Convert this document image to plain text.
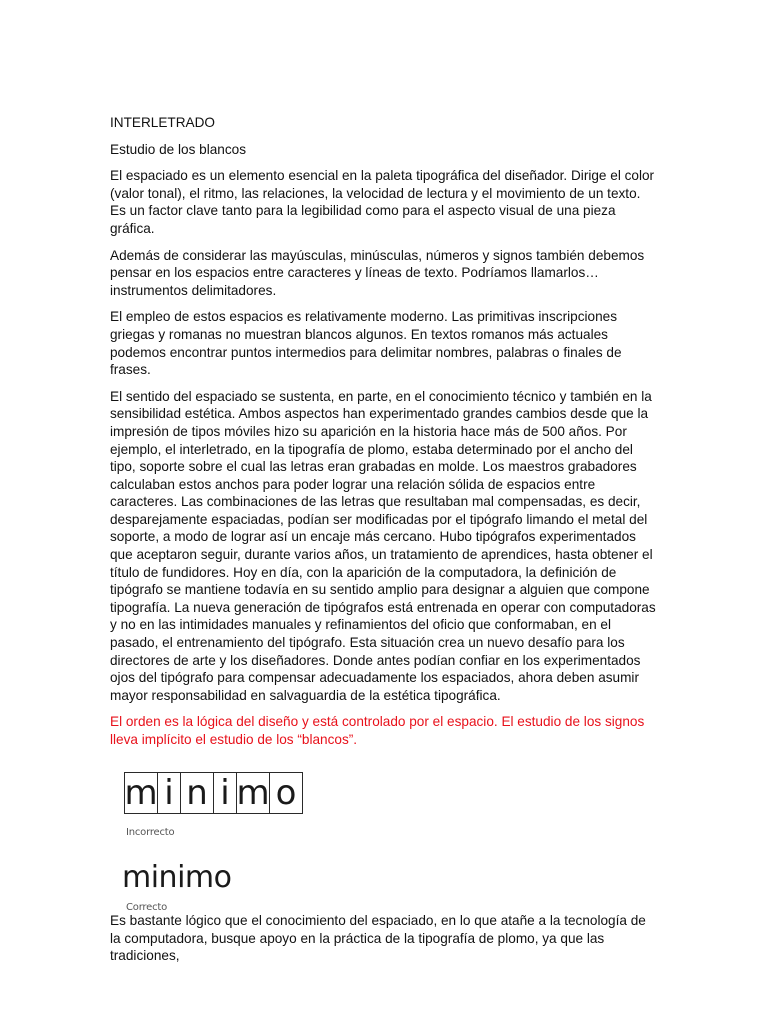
INTERLETRADO
Estudio de los blancos

El espaciado es un elemento esencial en la paleta tipográfica del diseñador. Dirige el color (valor tonal), el ritmo, las relaciones, la velocidad de lectura y el movimiento de un texto. Es un factor clave tanto para la legibilidad como para el aspecto visual de una pieza gráfica.

Además de considerar las mayúsculas, minúsculas, números y signos también debemos pensar en los espacios entre caracteres y líneas de texto. Podríamos llamarlos… instrumentos delimitadores.

El empleo de estos espacios es relativamente moderno. Las primitivas inscripciones griegas y romanas no muestran blancos algunos. En textos romanos más actuales podemos encontrar puntos intermedios para delimitar nombres, palabras o finales de frases.

El sentido del espaciado se sustenta, en parte, en el conocimiento técnico y también en la sensibilidad estética. Ambos aspectos han experimentado grandes cambios desde que la impresión de tipos móviles hizo su aparición en la historia hace más de 500 años. Por ejemplo, el interletrado, en la tipografía de plomo, estaba determinado por el ancho del tipo, soporte sobre el cual las letras eran grabadas en molde. Los maestros grabadores calculaban estos anchos para poder lograr una relación sólida de espacios entre caracteres. Las combinaciones de las letras que resultaban mal compensadas, es decir, desparejamente espaciadas, podían ser modificadas por el tipógrafo limando el metal del soporte, a modo de lograr así un encaje más cercano. Hubo tipógrafos experimentados que aceptaron seguir, durante varios años, un tratamiento de aprendices, hasta obtener el título de fundidores. Hoy en día, con la aparición de la computadora, la definición de tipógrafo se mantiene todavía en su sentido amplio para designar a alguien que compone tipografía. La nueva generación de tipógrafos está entrenada en operar con computadoras y no en las intimidades manuales y refinamientos del oficio que conformaban, en el pasado, el entrenamiento del tipógrafo. Esta situación crea un nuevo desafío para los directores de arte y los diseñadores. Donde antes podían confiar en los experimentados ojos del tipógrafo para compensar adecuadamente los espaciados, ahora deben asumir mayor responsabilidad en salvaguardia de la estética tipográfica.

El orden es la lógica del diseño y está controlado por el espacio. El estudio de los signos lleva implícito el estudio de los “blancos”.

m i n i m o
Incorrecto
minimo
Correcto
Es bastante lógico que el conocimiento del espaciado, en lo que atañe a la tecnología de la computadora, busque apoyo en la práctica de la tipografía de plomo, ya que las tradiciones,
